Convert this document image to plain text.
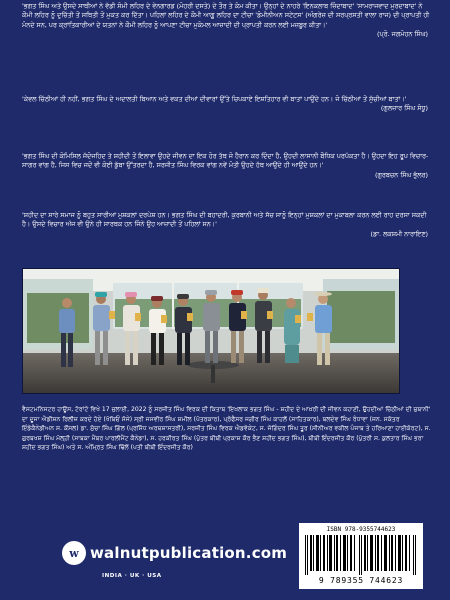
'ਭਗਤ ਸਿੰਘ ਅਤੇ ਉਸਦੇ ਸਾਥੀਆਂ ਨੇ ਵੱਡੀ ਸੰਮੀ ਲਹਿਰ ਦੇ ਵੇਨਗਾਰਡ (ਮੋਹਰੀ ਦਸਤੇ) ਦੇ ਤੌਰ ਤੇ ਕੰਮ ਕੀਤਾ। ਉਨ੍ਹਾਂ ਦੇ ਨਾਹਰੇ 'ਇਨਕਲਾਬ ਜ਼ਿੰਦਾਬਾਦ' 'ਸਾਮਰਾਜਵਾਦ ਮੁਰਦਾਬਾਦ' ਨੇ ਕੌਮੀ ਲਹਿਰ ਨੂੰ ਦੁਚਿੱਤੀ ਤੋਂ ਸਥਿਤੀ ਤੋਂ ਮੁਕਤ ਕਰ ਦਿੱਤਾ। ਪਹਿਲਾਂ ਲਹਿਰ ਦੇ ਕੌਮੀ ਆਗੂ ਲਹਿਰ ਦਾ ਟੀਚਾ 'ਡੋਮੀਨੀਅਨ ਸਟੇਟਸ' (ਅੰਗਰੇਜ਼ ਦੀ ਸਰਪ੍ਰਸਤੀ ਵਾਲਾ ਰਾਜ) ਦੀ ਪ੍ਰਾਪਤੀ ਹੀ ਮੰਨਦੇ ਸਨ, ਪਰ ਕ੍ਰਾਂਤਿਕਾਰੀਆਂ ਦੇ ਯਤਨਾਂ ਨੇ ਕੌਮੀ ਲਹਿਰ ਨੂੰ ਆਪਣਾ ਟੀਚਾ ਮੁਕੰਮਲ ਆਜ਼ਾਦੀ ਦੀ ਪ੍ਰਾਪਤੀ ਕਰਨ ਲਈ ਮਜ਼ਬੂਰ ਕੀਤਾ।'
(ਪ੍ਰੋ. ਜਗਮੋਹਨ ਸਿੰਘ)
'ਕੇਵਲ ਚਿੱਠੀਆਂ ਹੀ ਨਹੀਂ, ਭਗਤ ਸਿੰਘ ਦੇ ਅਦਾਲਤੀ ਬਿਆਨ ਅਤੇ ਵਕਤ ਦੀਆਂ ਦੀਵਾਰਾਂ ਉੱਤੇ ਚਿਪਕਾਏ ਇਸ਼ਤਿਹਾਰ ਵੀ ਬਾਤਾਂ ਪਾਉਂਦੇ ਹਨ। ਜੋ ਚਿੱਠੀਆਂ ਤੋਂ ਸੁੱਚੀਆਂ ਬਾਤਾਂ।'
(ਗੁਲਜ਼ਾਰ ਸਿੰਘ ਸੰਧੂ)
'ਭਗਤ ਸਿੰਘ ਦੀ ਕੋਮਿਸਿਲ ਜੱਦੋਜਹਿਦ ਤੇ ਸ਼ਹੀਦੀ ਤੋਂ ਇਲਾਵਾ ਉਹਦੇ ਜੀਵਨ ਦਾ ਇਕ ਹੋਰ ਤੱਥ ਜੋ ਹੈਰਾਨ ਕਰ ਦਿੰਦਾ ਹੈ, ਉਹਦੀ ਲਾਸਾਨੀ ਬੌਧਿਕ ਪਰਪੱਕਤਾ ਹੈ। ਉਹਦਾ ਇਹ ਰੂਪ ਵਿਚਾਰ-ਸਾਗਰ ਵਾਂਗ ਹੈ, ਜਿਸ ਵਿਚ ਜਦੋਂ ਵੀ ਕੋਈ ਡੁੱਬਾ ਉੱਤਰਦਾ ਹੈ, ਸਰਜੀਤ ਸਿੰਘ ਵਿਰਕ ਵਾਂਗ ਨਵੇਂ ਮੋਤੀ ਉਹਦੇ ਹੱਥ ਆਉਂਦੇ ਹੀ ਆਉਂਦੇ ਹਨ।'
(ਗੁਰਬਚਨ ਸਿੰਘ ਭੁੱਲਰ)
'ਸ਼ਹੀਦ ਦਾ ਸਾਰੇ ਸਮਾਜ ਨੂੰ ਬਹੁਤ ਸਾਰੀਆਂ ਮੁਸ਼ਕਲਾਂ ਦਰਪੇਸ਼ ਹਨ। ਭਗਤ ਸਿੰਘ ਦੀ ਬਹਾਦਰੀ, ਕੁਰਬਾਨੀ ਅਤੇ ਸੱਚ ਸਾਨੂੰ ਇਨ੍ਹਾਂ ਮੁਸ਼ਕਲਾਂ ਦਾ ਮੁਕਾਬਲਾ ਕਰਨ ਲਈ ਰਾਹ ਦਰਸਾ ਸਕਦੀ ਹੈ। ਉਸਦੇ ਵਿਚਾਰ ਅੱਜ ਵੀ ਉਨੇ ਹੀ ਸਾਰਥਕ ਹਨ ਜਿੰਨੇ ਉਹ ਆਜ਼ਾਦੀ ਤੋਂ ਪਹਿਲਾਂ ਸਨ।'
(ਡਾ. ਲਕਸ਼ਮੀ ਨਾਰਾਇਣ)
ਵੈਸਟਮਨਿਸਟਰ ਹਾਊਸ, ਟੋਰਾਂਟੋ ਵਿਖੇ 17 ਜੁਲਾਈ, 2022 ਨੂੰ ਸਰਜੀਤ ਸਿੰਘ ਵਿਰਕ ਦੀ ਕਿਤਾਬ 'ਇਖ਼ਲਾਕ ਭਗਤ ਸਿੰਘ - ਸ਼ਹੀਦ ਦੇ ਆਖ਼ਰੀ ਦੀ ਜੀਵਨ ਕਹਾਣੀ, ਉਹਦੀਆਂ ਚਿੱਠੀਆਂ ਦੀ ਜ਼ੁਬਾਨੀ' ਦਾ ਦੂਜਾ ਐਡੀਸ਼ਨ ਰਿਲੀਜ਼ ਕਰਦੇ ਹੋਏ (ਖੱਬਿਓਂ ਸੱਜੇ) ਸ੍ਰੀ ਜਸਵੀਰ ਸਿੰਘ ਸ਼ਮੀਲ (ਪੱਤਰਕਾਰ), ਪ੍ਰੋਫੈਸਰ ਜਗੀਰ ਸਿੰਘ ਕਾਹਲੋਂ (ਸਾਹਿਤਕਾਰ), ਬਲਦੇਵ ਸਿੰਘ ਰੰਧਾਵਾ (ਜਨ. ਸਕੱਤਰ ਇੰਡੋਕੈਨੇਡੀਅਨ ਸ. ਕੌਂਸਲ) ਡਾ. ਸੁੱਚਾ ਸਿੰਘ ਗਿੱਲ (ਪ੍ਰਸਿੱਧ ਅਰਥਸ਼ਾਸਤਰੀ), ਸਰਜੀਤ ਸਿੰਘ ਵਿਰਕ ਐਡਵੋਕੇਟ, ਸ. ਜੋਗਿੰਦਰ ਸਿੰਘ ਤੂਰ (ਸੀਨੀਅਰ ਵਕੀਲ ਪੰਜਾਬ ਤੇ ਹਰਿਆਣਾ ਹਾਈਕੋਰਟ), ਸ. ਗੁਰਬਖਸ਼ ਸਿੰਘ ਮੱਲ੍ਹੀ (ਸਾਬਕਾ ਮੈਂਬਰ ਪਾਰਲੀਮੈਂਟ ਕੈਨੇਡਾ), ਸ. ਹਰਕੀਰਤ ਸਿੰਘ (ਪੁੱਤਰ ਬੀਬੀ ਪ੍ਰਕਾਸ਼ ਕੌਰ ਭੈਣ ਸ਼ਹੀਦ ਭਗਤ ਸਿੰਘ), ਬੀਬੀ ਇੰਦਰਜੀਤ ਕੌਰ (ਪੁੱਤਰੀ ਸ. ਕੁਲਤਾਰ ਸਿੰਘ ਭਰਾ ਸ਼ਹੀਦ ਭਗਤ ਸਿੰਘ) ਅਤੇ ਸ. ਅੰਮ੍ਰਿਤ ਸਿੰਘ ਢਿੱਲੋਂ (ਪਤੀ ਬੀਬੀ ਇੰਦਰਜੀਤ ਕੌਰ)
w walnutpublication.com
INDIA · UK · USA
ISBN 978-93557446​23
9 789355 744623
